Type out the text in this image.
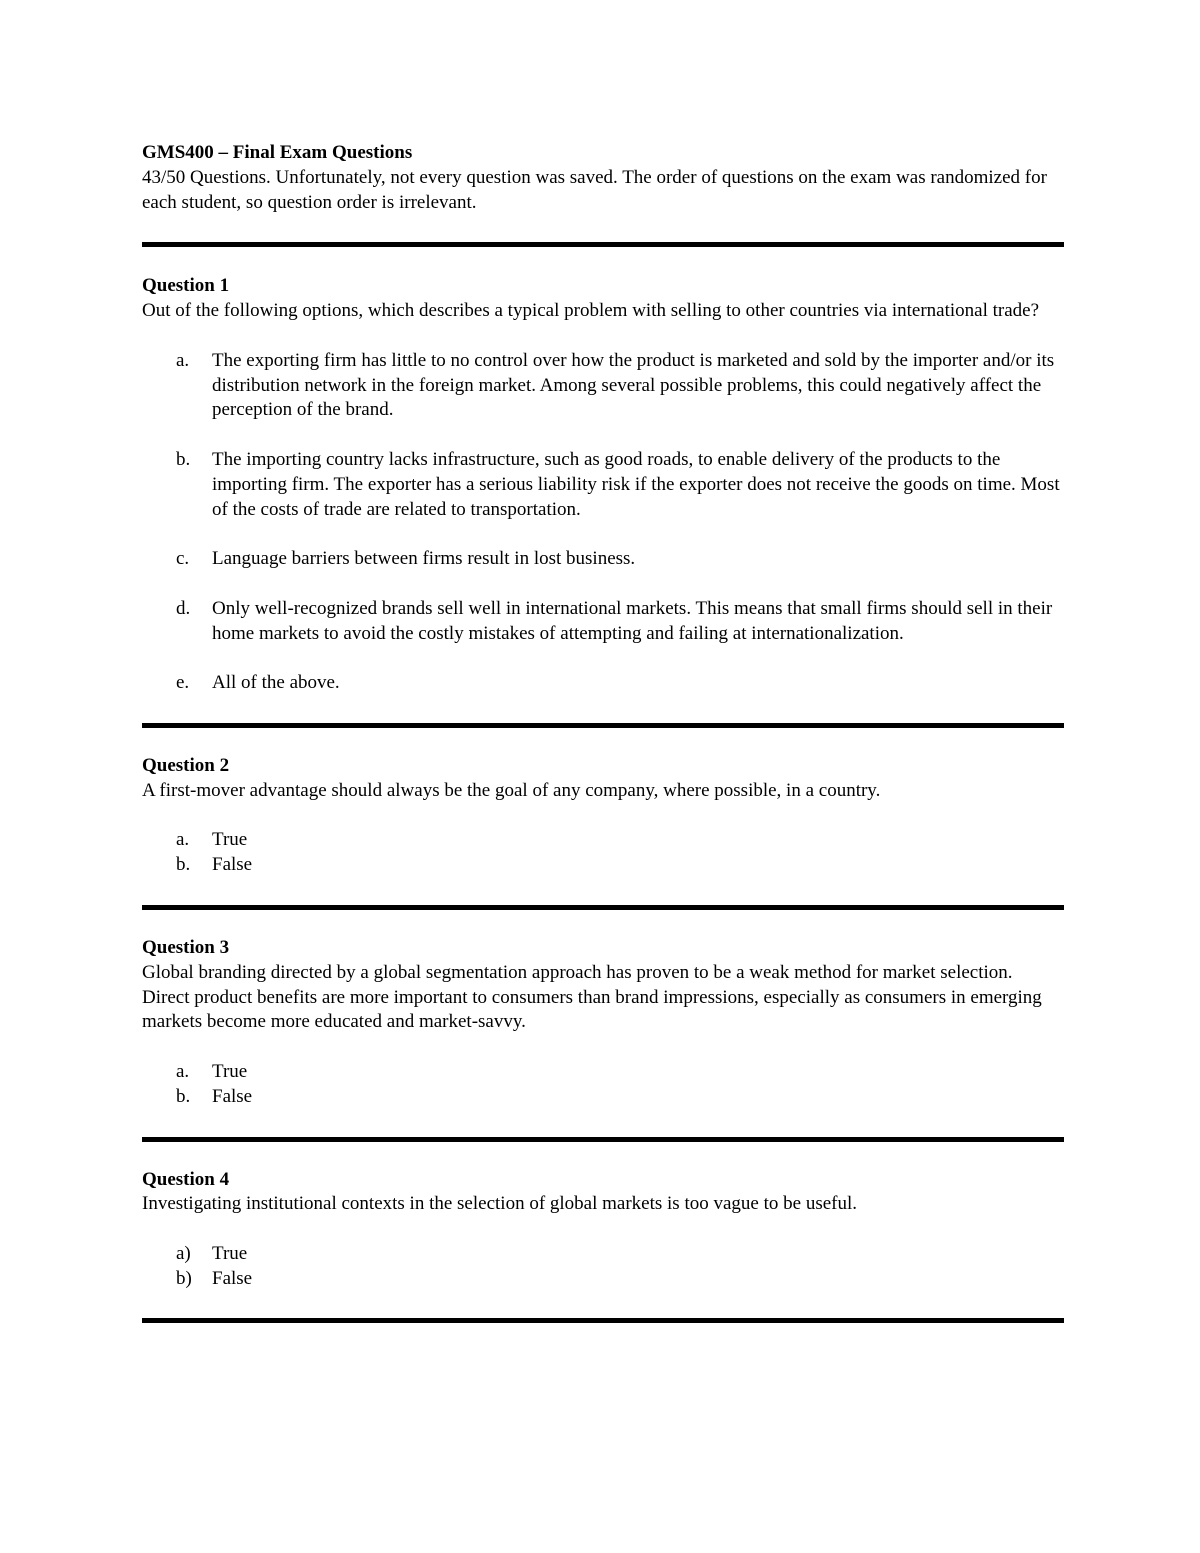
GMS400 – Final Exam Questions

43/50 Questions. Unfortunately, not every question was saved. The order of questions on the exam was randomized for each student, so question order is irrelevant.

Question 1

Out of the following options, which describes a typical problem with selling to other countries via international trade?

a.	The exporting firm has little to no control over how the product is marketed and sold by the importer and/or its distribution network in the foreign market. Among several possible problems, this could negatively affect the perception of the brand.
b.	The importing country lacks infrastructure, such as good roads, to enable delivery of the products to the importing firm. The exporter has a serious liability risk if the exporter does not receive the goods on time. Most of the costs of trade are related to transportation.
c.	Language barriers between firms result in lost business.
d.	Only well-recognized brands sell well in international markets. This means that small firms should sell in their home markets to avoid the costly mistakes of attempting and failing at internationalization.
e.	All of the above.

Question 2

A first-mover advantage should always be the goal of any company, where possible, in a country.

a.	True
b.	False

Question 3

Global branding directed by a global segmentation approach has proven to be a weak method for market selection. Direct product benefits are more important to consumers than brand impressions, especially as consumers in emerging markets become more educated and market-savvy.

a.	True
b.	False

Question 4

Investigating institutional contexts in the selection of global markets is too vague to be useful.

a)	True
b)	False
